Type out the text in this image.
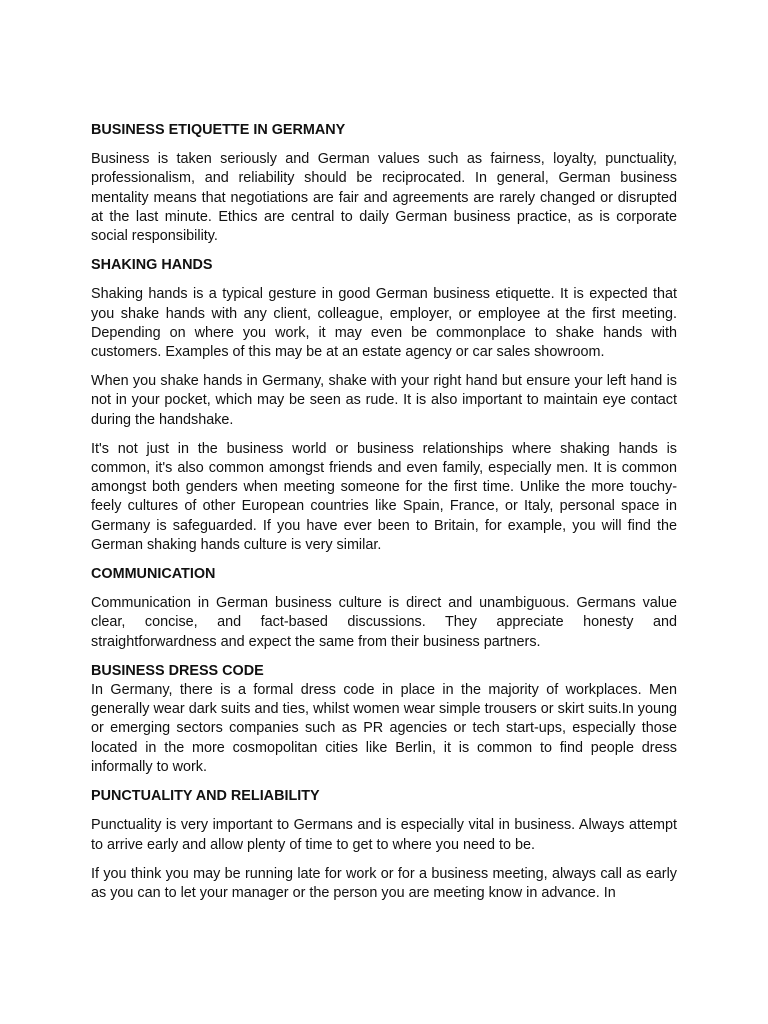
BUSINESS ETIQUETTE IN GERMANY

Business is taken seriously and German values such as fairness, loyalty, punctuality, professionalism, and reliability should be reciprocated. In general, German business mentality means that negotiations are fair and agreements are rarely changed or disrupted at the last minute. Ethics are central to daily German business practice, as is corporate social responsibility.

SHAKING HANDS

Shaking hands is a typical gesture in good German business etiquette. It is expected that you shake hands with any client, colleague, employer, or employee at the first meeting. Depending on where you work, it may even be commonplace to shake hands with customers. Examples of this may be at an estate agency or car sales showroom.

When you shake hands in Germany, shake with your right hand but ensure your left hand is not in your pocket, which may be seen as rude. It is also important to maintain eye contact during the handshake.

It's not just in the business world or business relationships where shaking hands is common, it's also common amongst friends and even family, especially men. It is common amongst both genders when meeting someone for the first time. Unlike the more touchy-feely cultures of other European countries like Spain, France, or Italy, personal space in Germany is safeguarded. If you have ever been to Britain, for example, you will find the German shaking hands culture is very similar.

COMMUNICATION

Communication in German business culture is direct and unambiguous. Germans value clear, concise, and fact-based discussions. They appreciate honesty and straightforwardness and expect the same from their business partners.

BUSINESS DRESS CODE

In Germany, there is a formal dress code in place in the majority of workplaces. Men generally wear dark suits and ties, whilst women wear simple trousers or skirt suits.In young or emerging sectors companies such as PR agencies or tech start-ups, especially those located in the more cosmopolitan cities like Berlin, it is common to find people dress informally to work.

PUNCTUALITY AND RELIABILITY

Punctuality is very important to Germans and is especially vital in business. Always attempt to arrive early and allow plenty of time to get to where you need to be.

If you think you may be running late for work or for a business meeting, always call as early as you can to let your manager or the person you are meeting know in advance. In
